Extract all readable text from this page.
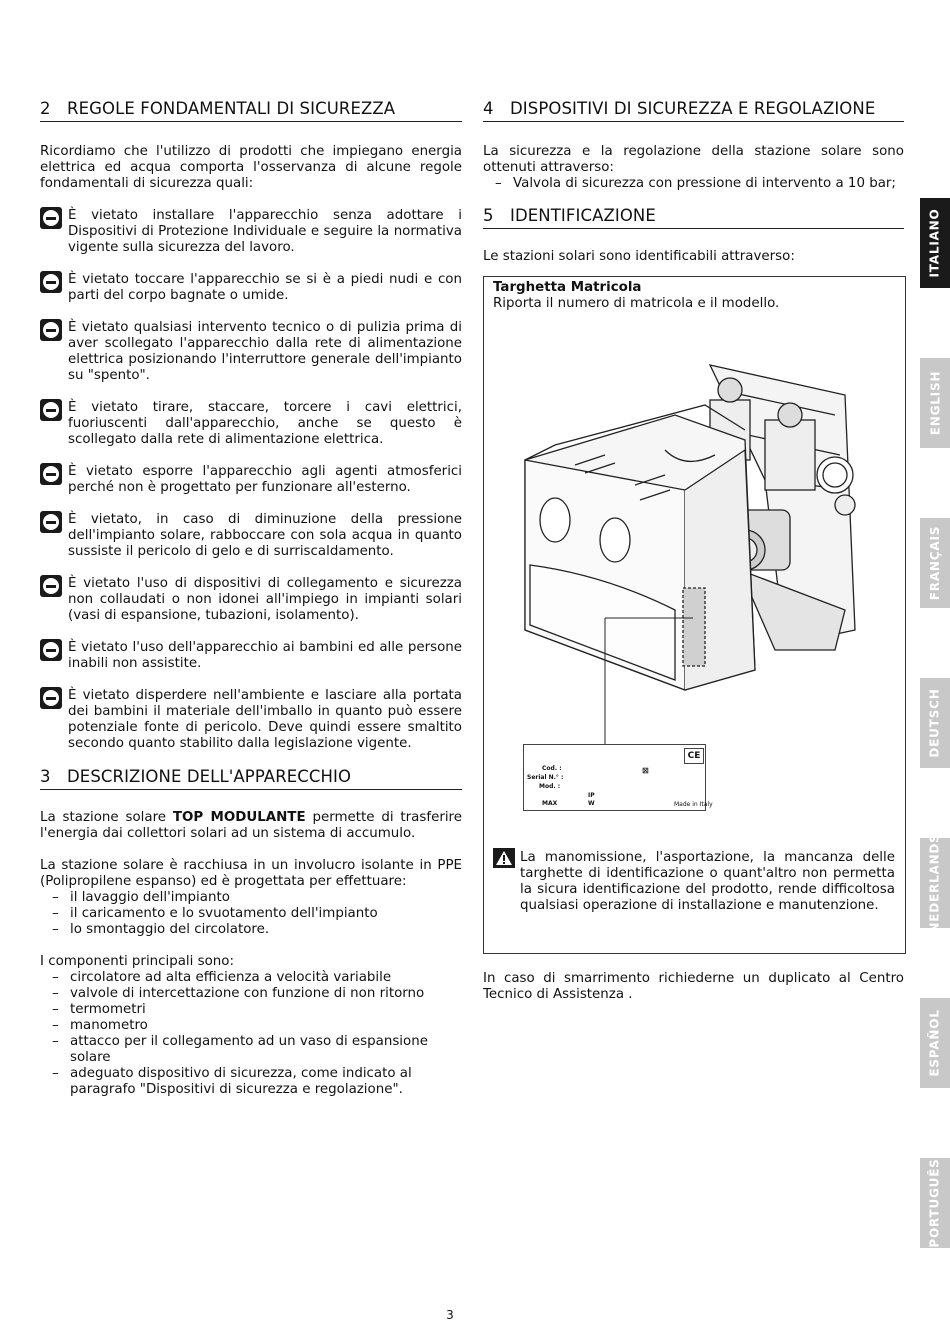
2 REGOLE FONDAMENTALI DI SICUREZZA

Ricordiamo che l'utilizzo di prodotti che impiegano energia elettrica ed acqua comporta l'osservanza di alcune regole fondamentali di sicurezza quali:

È vietato installare l'apparecchio senza adottare i Dispositivi di Protezione Individuale e seguire la normativa vigente sulla sicurezza del lavoro.
È vietato toccare l'apparecchio se si è a piedi nudi e con parti del corpo bagnate o umide.
È vietato qualsiasi intervento tecnico o di pulizia prima di aver scollegato l'apparecchio dalla rete di alimentazione elettrica posizionando l'interruttore generale dell'impianto su "spento".
È vietato tirare, staccare, torcere i cavi elettrici, fuoriuscenti dall'apparecchio, anche se questo è scollegato dalla rete di alimentazione elettrica.
È vietato esporre l'apparecchio agli agenti atmosferici perché non è progettato per funzionare all'esterno.
È vietato, in caso di diminuzione della pressione dell'impianto solare, rabboccare con sola acqua in quanto sussiste il pericolo di gelo e di surriscaldamento.
È vietato l'uso di dispositivi di collegamento e sicurezza non collaudati o non idonei all'impiego in impianti solari (vasi di espansione, tubazioni, isolamento).
È vietato l'uso dell'apparecchio ai bambini ed alle persone inabili non assistite.
È vietato disperdere nell'ambiente e lasciare alla portata dei bambini il materiale dell'imballo in quanto può essere potenziale fonte di pericolo. Deve quindi essere smaltito secondo quanto stabilito dalla legislazione vigente.
3 DESCRIZIONE DELL'APPARECCHIO

La stazione solare TOP MODULANTE permette di trasferire l'energia dai collettori solari ad un sistema di accumulo.

La stazione solare è racchiusa in un involucro isolante in PPE (Polipropilene espanso) ed è progettata per effettuare:

– il lavaggio dell'impianto
– il caricamento e lo svuotamento dell'impianto
– lo smontaggio del circolatore.

I componenti principali sono:

– circolatore ad alta efficienza a velocità variabile
– valvole di intercettazione con funzione di non ritorno
– termometri
– manometro
– attacco per il collegamento ad un vaso di espansione solare
– adeguato dispositivo di sicurezza, come indicato al paragrafo "Dispositivi di sicurezza e regolazione".
4 DISPOSITIVI DI SICUREZZA E REGOLAZIONE

La sicurezza e la regolazione della stazione solare sono ottenuti attraverso:

– Valvola di sicurezza con pressione di intervento a 10 bar;
5 IDENTIFICAZIONE

Le stazioni solari sono identificabili attraverso:

Targhetta Matricola
Riporta il numero di matricola e il modello.
Cod. :
Serial N.° :
Mod. :
IP
MAX	W	Made in Italy
CE
⊠

La manomissione, l'asportazione, la mancanza delle targhette di identificazione o quant'altro non permetta la sicura identificazione del prodotto, rende difficoltosa qualsiasi operazione di installazione e manutenzione.

In caso di smarrimento richiederne un duplicato al Centro Tecnico di Assistenza .

ITALIANO
ENGLISH
FRANÇAIS
DEUTSCH
NEDERLANDS
ESPAÑOL
PORTUGUÊS
3
